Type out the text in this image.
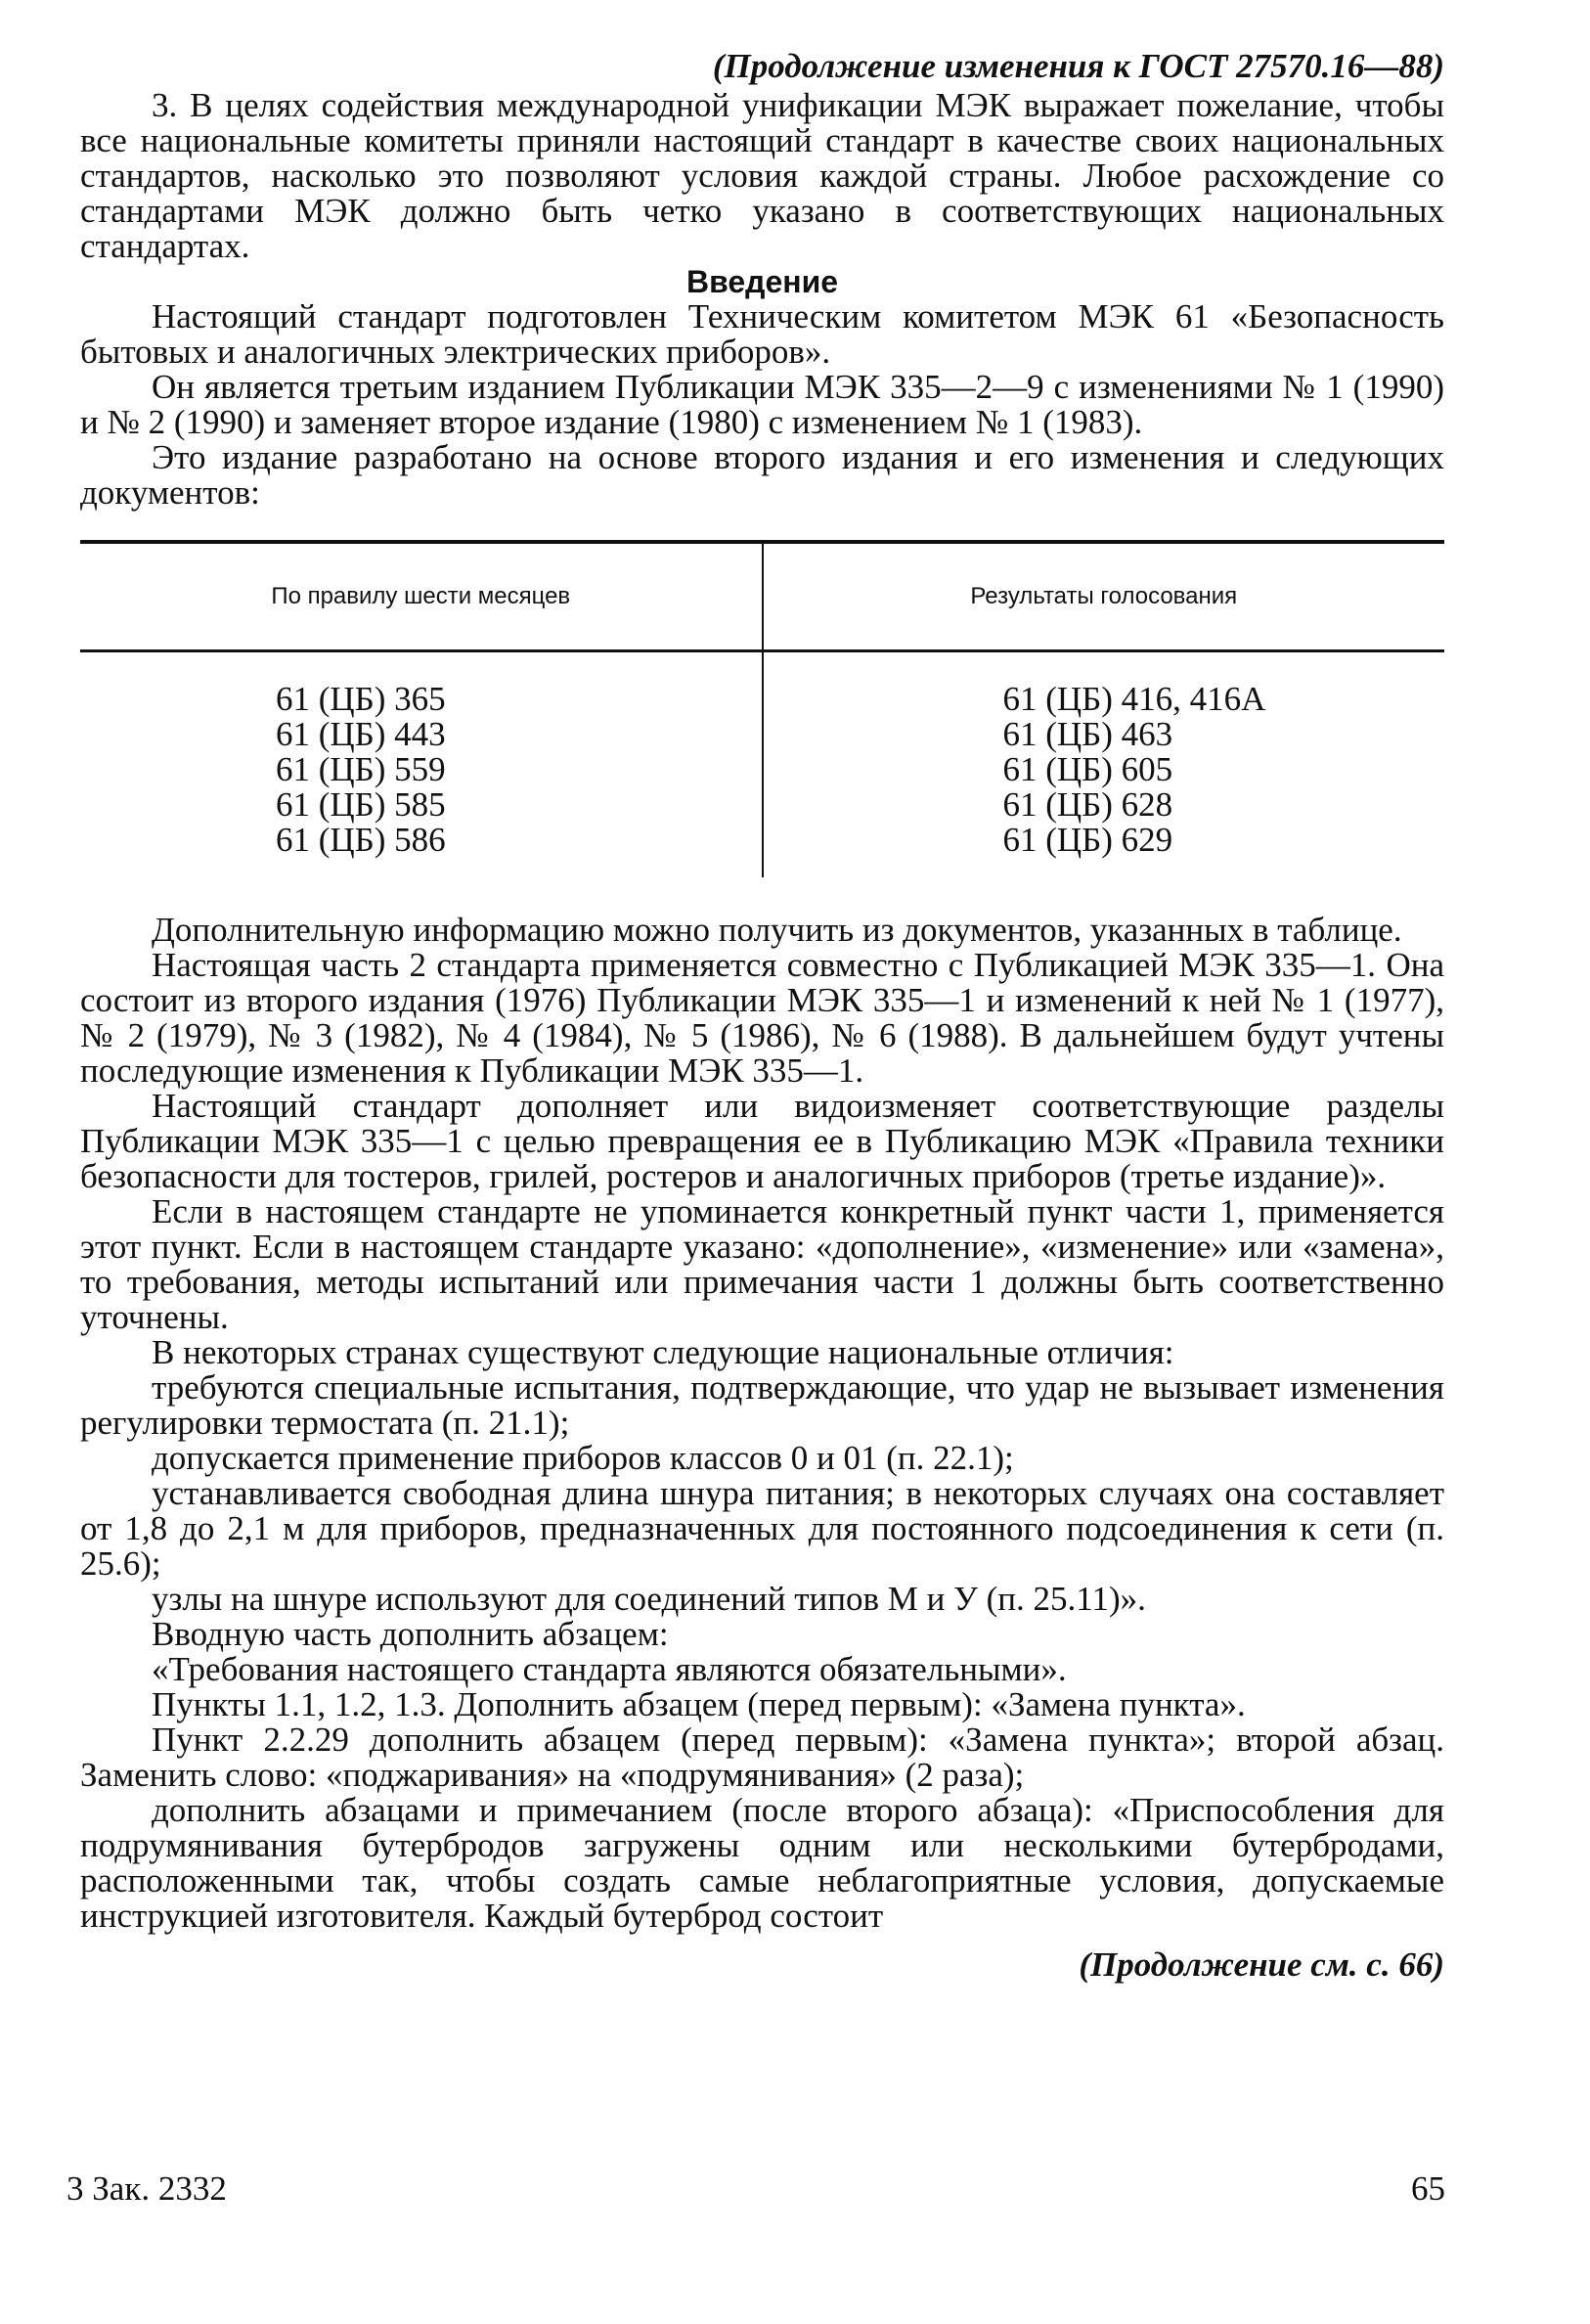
(Продолжение изменения к ГОСТ 27570.16—88)

3. В целях содействия международной унификации МЭК выражает пожелание, чтобы все национальные комитеты приняли настоящий стандарт в качестве своих национальных стандартов, насколько это позволяют условия каждой страны. Любое расхождение со стандартами МЭК должно быть четко указано в соответствующих национальных стандартах.

Введение

Настоящий стандарт подготовлен Техническим комитетом МЭК 61 «Безопасность бытовых и аналогичных электрических приборов».

Он является третьим изданием Публикации МЭК 335—2—9 с изменениями № 1 (1990) и № 2 (1990) и заменяет второе издание (1980) с изменением № 1 (1983).

Это издание разработано на основе второго издания и его изменения и следующих документов:

По правилу шести месяцев	Результаты голосования
61 (ЦБ) 365
61 (ЦБ) 443
61 (ЦБ) 559
61 (ЦБ) 585
61 (ЦБ) 586
61 (ЦБ) 416, 416А
61 (ЦБ) 463
61 (ЦБ) 605
61 (ЦБ) 628
61 (ЦБ) 629

Дополнительную информацию можно получить из документов, указанных в таблице.

Настоящая часть 2 стандарта применяется совместно с Публикацией МЭК 335—1. Она состоит из второго издания (1976) Публикации МЭК 335—1 и изменений к ней № 1 (1977), № 2 (1979), № 3 (1982), № 4 (1984), № 5 (1986), № 6 (1988). В дальнейшем будут учтены последующие изменения к Публикации МЭК 335—1.

Настоящий стандарт дополняет или видоизменяет соответствующие разделы Публикации МЭК 335—1 с целью превращения ее в Публикацию МЭК «Правила техники безопасности для тостеров, грилей, ростеров и аналогичных приборов (третье издание)».

Если в настоящем стандарте не упоминается конкретный пункт части 1, применяется этот пункт. Если в настоящем стандарте указано: «дополнение», «изменение» или «замена», то требования, методы испытаний или примечания части 1 должны быть соответственно уточнены.

В некоторых странах существуют следующие национальные отличия:

требуются специальные испытания, подтверждающие, что удар не вызывает изменения регулировки термостата (п. 21.1);

допускается применение приборов классов 0 и 01 (п. 22.1);

устанавливается свободная длина шнура питания; в некоторых случаях она составляет от 1,8 до 2,1 м для приборов, предназначенных для постоянного подсоединения к сети (п. 25.6);

узлы на шнуре используют для соединений типов М и У (п. 25.11)».

Вводную часть дополнить абзацем:

«Требования настоящего стандарта являются обязательными».

Пункты 1.1, 1.2, 1.3. Дополнить абзацем (перед первым): «Замена пункта».

Пункт 2.2.29 дополнить абзацем (перед первым): «Замена пункта»; второй абзац. Заменить слово: «поджаривания» на «подрумянивания» (2 раза);

дополнить абзацами и примечанием (после второго абзаца): «Приспособления для подрумянивания бутербродов загружены одним или несколькими бутербродами, расположенными так, чтобы создать самые неблагоприятные условия, допускаемые инструкцией изготовителя. Каждый бутерброд состоит

(Продолжение см. с. 66)
3 Зак. 2332	65
